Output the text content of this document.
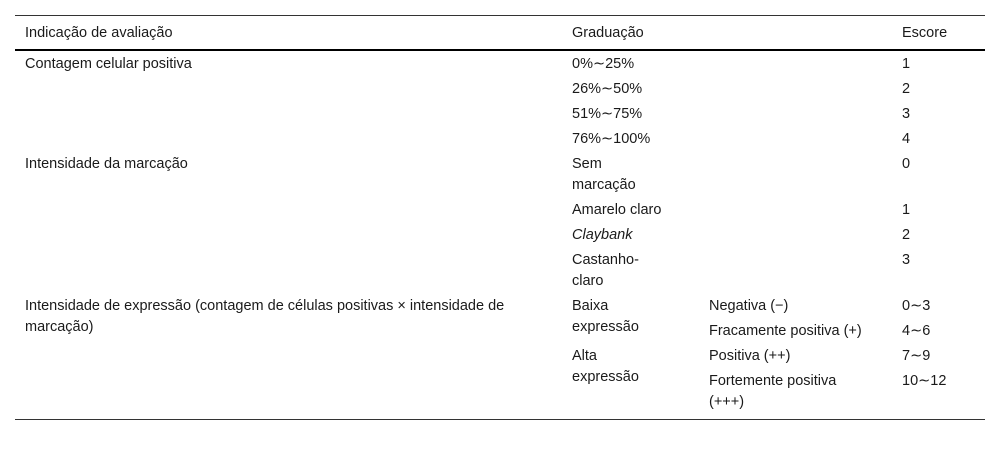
Indicação de avaliação	Graduação		Escore
Contagem celular positiva	0%∼25%		1
	26%∼50%		2
	51%∼75%		3
	76%∼100%		4
Intensidade da marcação	Sem marcação		0
	Amarelo claro		1
	Claybank		2
	Castanho-claro		3
Intensidade de expressão (contagem de células positivas × intensidade de marcação)	Baixa expressão	Negativa (−)	0∼3
		Fracamente positiva (+)	4∼6
	Alta expressão	Positiva (++)	7∼9
		Fortemente positiva (+++)	10∼12
